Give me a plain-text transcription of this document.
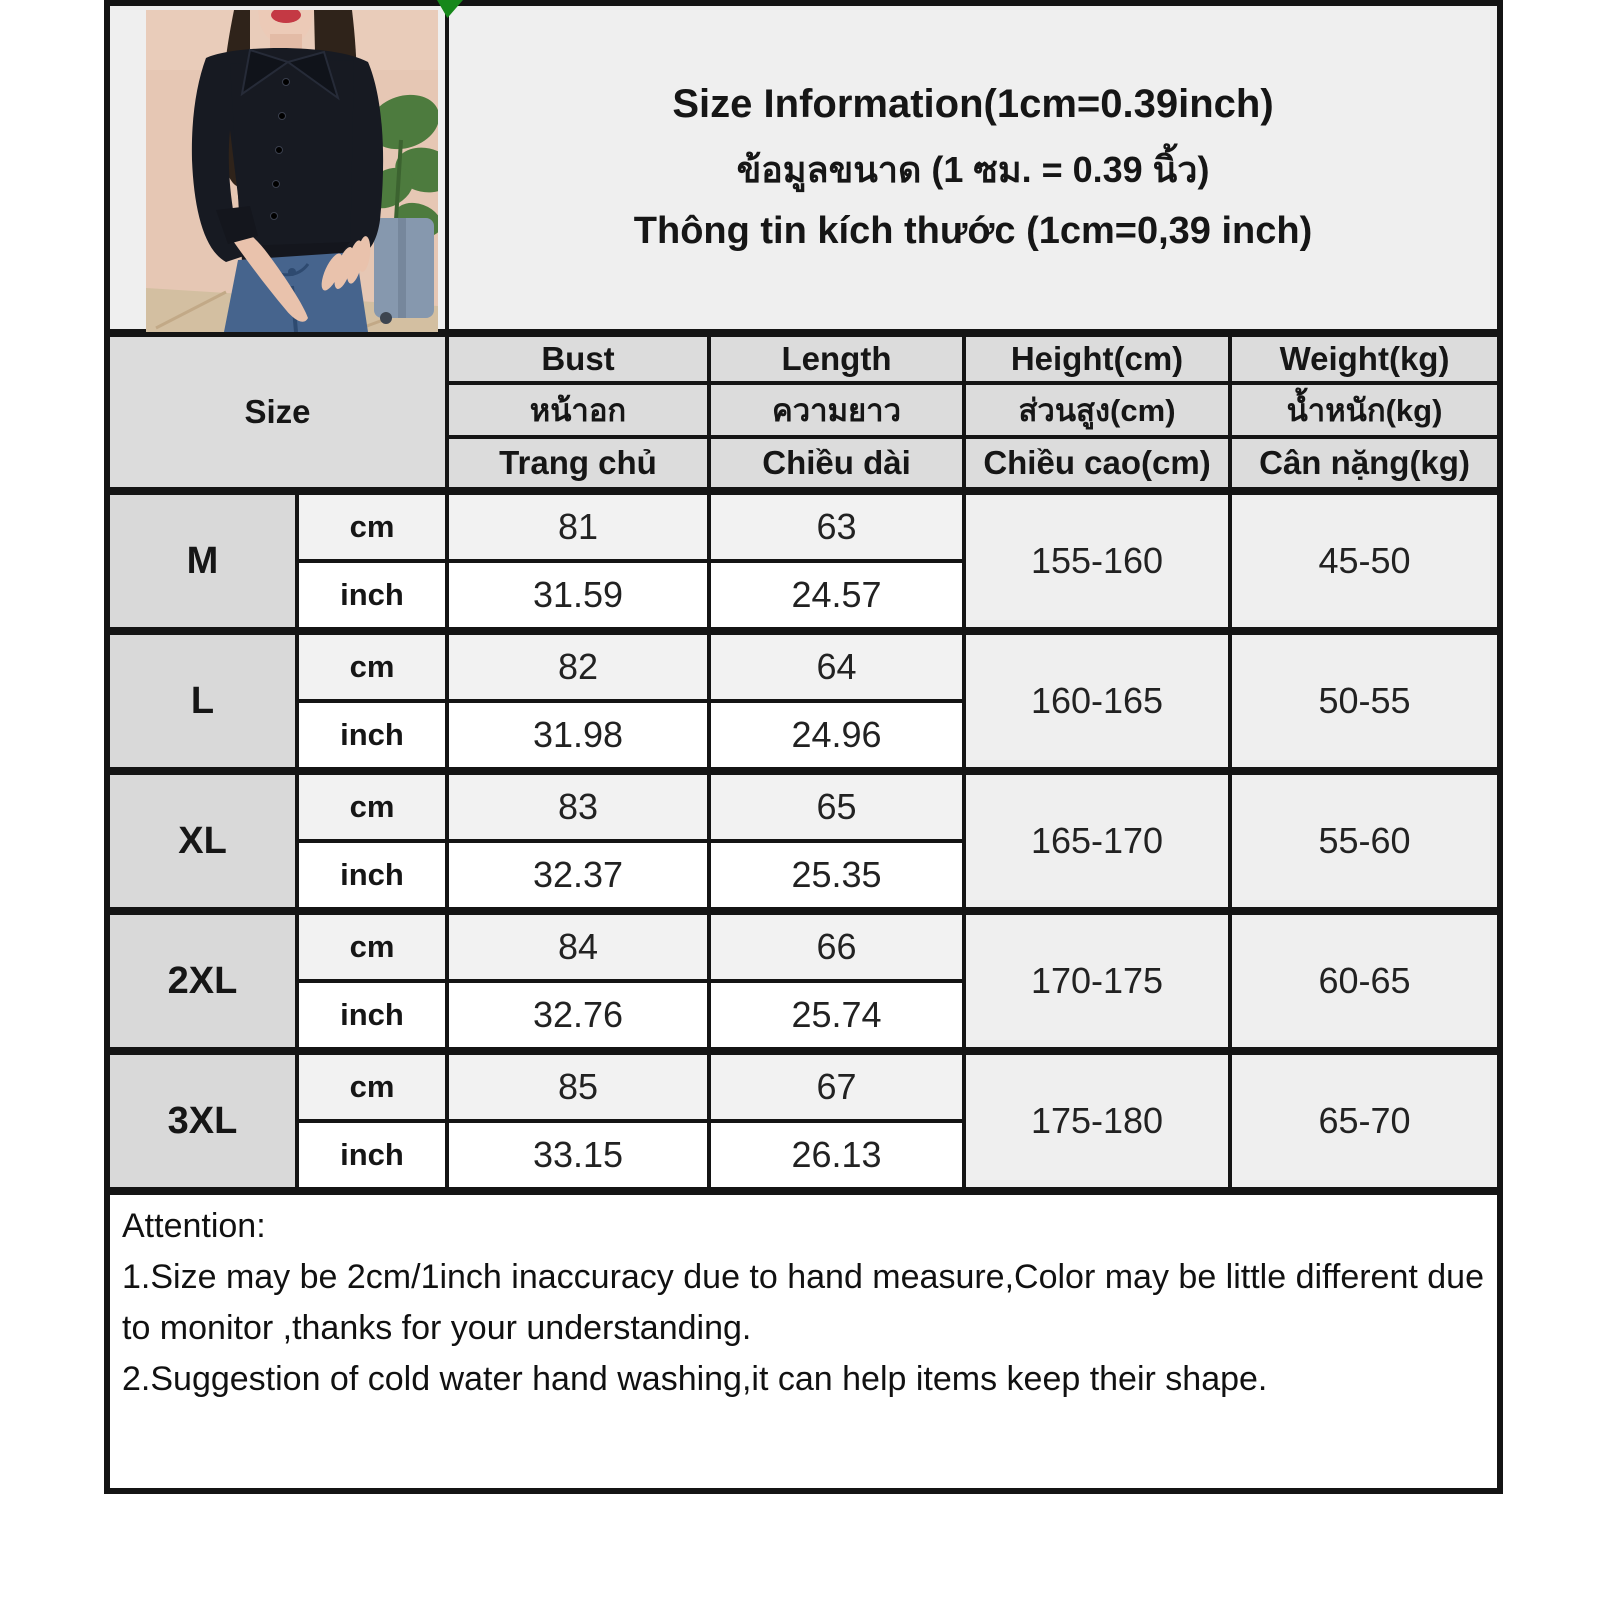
Size Information(1cm=0.39inch)
ข้อมูลขนาด (1 ซม. = 0.39 นิ้ว)
Thông tin kích thước (1cm=0,39 inch)			

Size		Bust	Length	Height(cm)	Weight(kg)
		หน้าอก	ความยาว	ส่วนสูง(cm)	น้ำหนัก(kg)
		Trang chủ	Chiều dài	Chiều cao(cm)	Cân nặng(kg)
M	cm	81	63	155-160	45-50
	inch	31.59	24.57		
L	cm	82	64	160-165	50-55
	inch	31.98	24.96		
XL	cm	83	65	165-170	55-60
	inch	32.37	25.35		
2XL	cm	84	66	170-175	60-65
	inch	32.76	25.74		
3XL	cm	85	67	175-180	65-70
	inch	33.15	26.13		

Attention:
1.Size may be 2cm/1inch inaccuracy due to hand measure,Color may be little different due to monitor ,thanks for your understanding.
2.Suggestion of cold water hand washing,it can help items keep their shape.					
